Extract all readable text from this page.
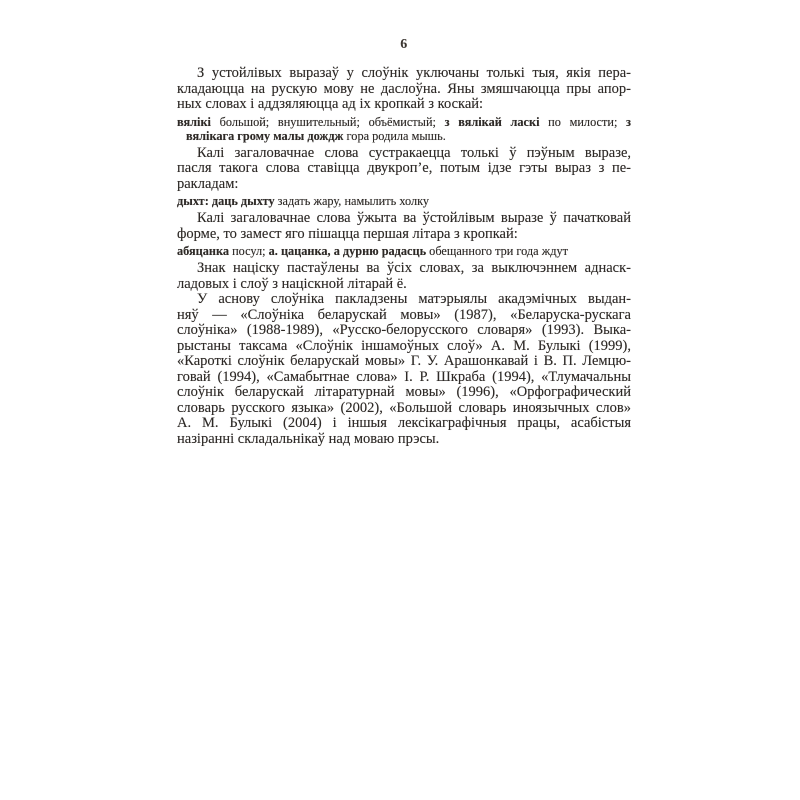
6
З устойлівых выразаў у слоўнік уключаны толькі тыя, якія пера-
кладаюцца на рускую мову не даслоўна. Яны змяшчаюцца пры апор-
ных словах і аддзяляюцца ад іх кропкай з коскай:
вялікі большой; внушительный; объёмистый; з вялікай ласкі по милости; з
вялікага грому малы дождж гора родила мышь.
Калі загаловачнае слова сустракаецца толькі ў пэўным выразе,
пасля такога слова ставіцца двукроп’е, потым ідзе гэты выраз з пе-
ракладам:
дыхт: даць дыхту задать жару, намылить холку
Калі загаловачнае слова ўжыта ва ўстойлівым выразе ў пачатковай
форме, то замест яго пішацца першая літара з кропкай:
абяцанка посул; а. цацанка, а дурню радасць обещанного три года ждут
Знак націску пастаўлены ва ўсіх словах, за выключэннем аднаск-
ладовых і слоў з націскной літарай ё.
У аснову слоўніка пакладзены матэрыялы акадэмічных выдан-
няў — «Слоўніка беларускай мовы» (1987), «Беларуска-рускага
слоўніка» (1988-1989), «Русско-белорусского словаря» (1993). Выка-
рыстаны таксама «Слоўнік іншамоўных слоў» А. М. Булыкі (1999),
«Кароткі слоўнік беларускай мовы» Г. У. Арашонкавай і В. П. Лемцю-
говай (1994), «Самабытнае слова» І. Р. Шкраба (1994), «Тлумачальны
слоўнік беларускай літаратурнай мовы» (1996), «Орфографический
словарь русского языка» (2002), «Большой словарь иноязычных слов»
А. М. Булыкі (2004) і іншыя лексікаграфічныя працы, асабістыя
назіранні складальнікаў над моваю прэсы.
